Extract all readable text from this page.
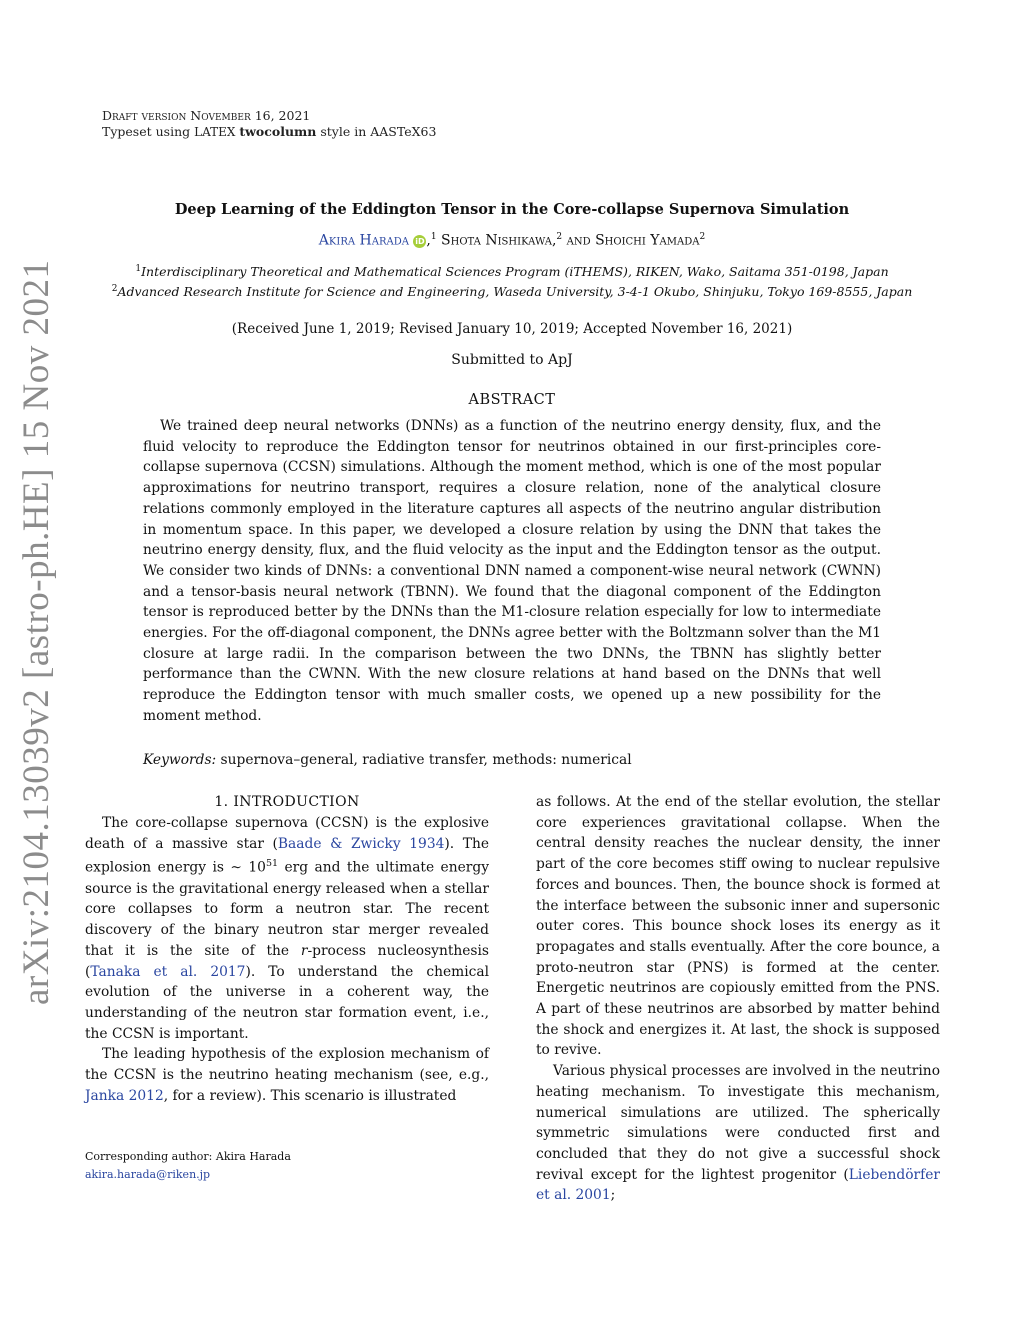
Draft version November 16, 2021
Typeset using LATEX twocolumn style in AASTeX63
arXiv:2104.13039v2 [astro-ph.HE] 15 Nov 2021
Deep Learning of the Eddington Tensor in the Core-collapse Supernova Simulation
Akira Harada iD ,$^1$ Shota Nishikawa,$^2$ and Shoichi Yamada$^2$
$^1$Interdisciplinary Theoretical and Mathematical Sciences Program (iTHEMS), RIKEN, Wako, Saitama 351-0198, Japan
$^2$Advanced Research Institute for Science and Engineering, Waseda University, 3-4-1 Okubo, Shinjuku, Tokyo 169-8555, Japan
(Received June 1, 2019; Revised January 10, 2019; Accepted November 16, 2021)
Submitted to ApJ
ABSTRACT
We trained deep neural networks (DNNs) as a function of the neutrino energy density, flux, and the fluid velocity to reproduce the Eddington tensor for neutrinos obtained in our first-principles core-collapse supernova (CCSN) simulations. Although the moment method, which is one of the most popular approximations for neutrino transport, requires a closure relation, none of the analytical closure relations commonly employed in the literature captures all aspects of the neutrino angular distribution in momentum space. In this paper, we developed a closure relation by using the DNN that takes the neutrino energy density, flux, and the fluid velocity as the input and the Eddington tensor as the output. We consider two kinds of DNNs: a conventional DNN named a component-wise neural network (CWNN) and a tensor-basis neural network (TBNN). We found that the diagonal component of the Eddington tensor is reproduced better by the DNNs than the M1-closure relation especially for low to intermediate energies. For the off-diagonal component, the DNNs agree better with the Boltzmann solver than the M1 closure at large radii. In the comparison between the two DNNs, the TBNN has slightly better performance than the CWNN. With the new closure relations at hand based on the DNNs that well reproduce the Eddington tensor with much smaller costs, we opened up a new possibility for the moment method.
Keywords: supernova–general, radiative transfer, methods: numerical
1. INTRODUCTION

The core-collapse supernova (CCSN) is the explosive death of a massive star (Baade & Zwicky 1934). The explosion energy is ∼ $10^{51}$ erg and the ultimate energy source is the gravitational energy released when a stellar core collapses to form a neutron star. The recent discovery of the binary neutron star merger revealed that it is the site of the r-process nucleosynthesis (Tanaka et al. 2017). To understand the chemical evolution of the universe in a coherent way, the understanding of the neutron star formation event, i.e., the CCSN is important.

The leading hypothesis of the explosion mechanism of the CCSN is the neutrino heating mechanism (see, e.g., Janka 2012, for a review). This scenario is illustrated

as follows. At the end of the stellar evolution, the stellar core experiences gravitational collapse. When the central density reaches the nuclear density, the inner part of the core becomes stiff owing to nuclear repulsive forces and bounces. Then, the bounce shock is formed at the interface between the subsonic inner and supersonic outer cores. This bounce shock loses its energy as it propagates and stalls eventually. After the core bounce, a proto-neutron star (PNS) is formed at the center. Energetic neutrinos are copiously emitted from the PNS. A part of these neutrinos are absorbed by matter behind the shock and energizes it. At last, the shock is supposed to revive.

Various physical processes are involved in the neutrino heating mechanism. To investigate this mechanism, numerical simulations are utilized. The spherically symmetric simulations were conducted first and concluded that they do not give a successful shock revival except for the lightest progenitor (Liebendörfer et al. 2001;

Corresponding author: Akira Harada
akira.harada@riken.jp
